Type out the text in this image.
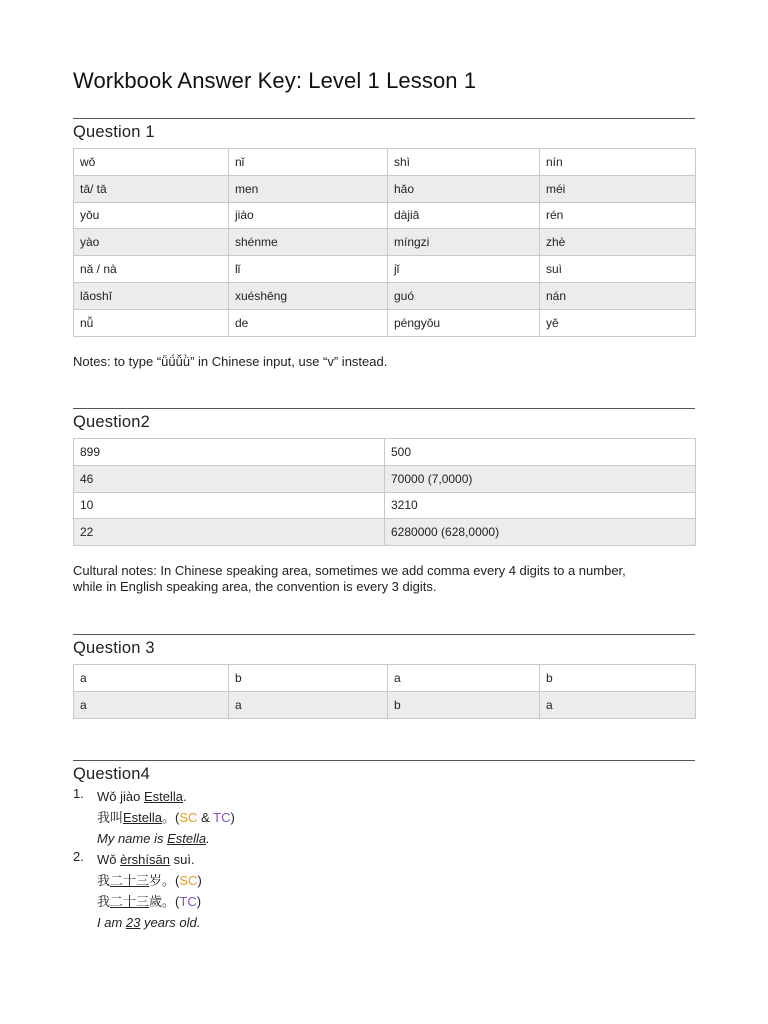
Workbook Answer Key: Level 1 Lesson 1
Question 1
wǒ	nǐ	shì	nín
tā/ tā	men	hǎo	méi
yǒu	jiào	dàjiā	rén
yào	shénme	míngzi	zhè
nǎ / nà	lǐ	jǐ	suì
lǎoshī	xuéshēng	guó	nán
nǚ	de	péngyǒu	yě

Notes: to type “ǖǘǚǜ” in Chinese input, use “v” instead.

Question2
899	500
46	70000 (7,0000)
10	3210
22	6280000 (628,0000)

Cultural notes: In Chinese speaking area, sometimes we add comma every 4 digits to a number,
while in English speaking area, the convention is every 3 digits.

Question 3
a	b	a	b
a	a	b	a
Question4
1. Wǒ jiào Estella.
我叫Estella。(SC & TC)
My name is Estella.
2. Wǒ èrshísān suì.
我二十三岁。(SC)
我二十三歲。(TC)
I am 23 years old.
